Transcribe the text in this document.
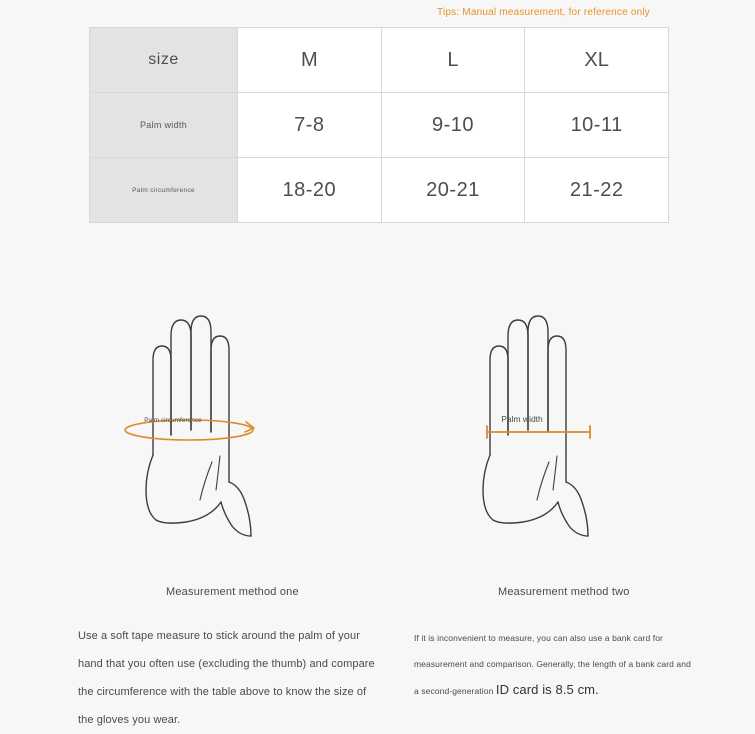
Tips: Manual measurement, for reference only
size	M	L	XL
Palm width	7-8	9-10	10-11
Palm circumference	18-20	20-21	21-22
Palm circumference	Palm width
Measurement method one	Measurement method two
Use a soft tape measure to stick around the palm of your hand that you often use (excluding the thumb) and compare the circumference with the table above to know the size of the gloves you wear.
If it is inconvenient to measure, you can also use a bank card for measurement and comparison. Generally, the length of a bank card and a second-generation ID card is 8.5 cm.
